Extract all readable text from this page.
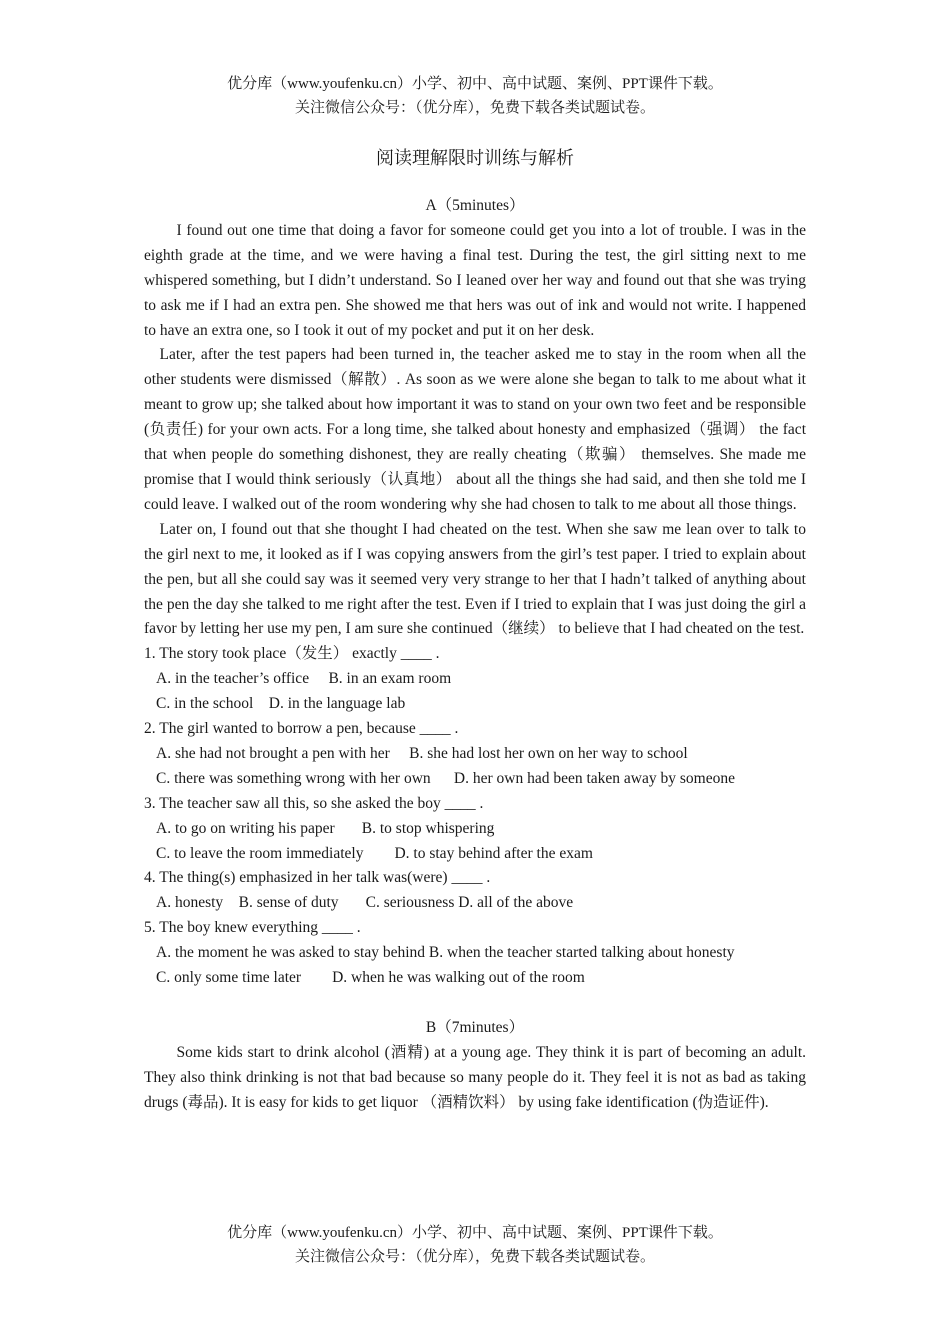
优分库（www.youfenku.cn）小学、初中、高中试题、案例、PPT课件下载。
关注微信公众号：（优分库），免费下载各类试题试卷。
阅读理解限时训练与解析

A（5minutes）

I found out one time that doing a favor for someone could get you into a lot of trouble. I was in the eighth grade at the time, and we were having a final test. During the test, the girl sitting next to me whispered something, but I didn’t understand. So I leaned over her way and found out that she was trying to ask me if I had an extra pen. She showed me that hers was out of ink and would not write. I happened to have an extra one, so I took it out of my pocket and put it on her desk.

Later, after the test papers had been turned in, the teacher asked me to stay in the room when all the other students were dismissed（解散）. As soon as we were alone she began to talk to me about what it meant to grow up; she talked about how important it was to stand on your own two feet and be responsible (负责任) for your own acts. For a long time, she talked about honesty and emphasized（强调） the fact that when people do something dishonest, they are really cheating（欺骗） themselves. She made me promise that I would think seriously（认真地） about all the things she had said, and then she told me I could leave. I walked out of the room wondering why she had chosen to talk to me about all those things.

Later on, I found out that she thought I had cheated on the test. When she saw me lean over to talk to the girl next to me, it looked as if I was copying answers from the girl’s test paper. I tried to explain about the pen, but all she could say was it seemed very very strange to her that I hadn’t talked of anything about the pen the day she talked to me right after the test. Even if I tried to explain that I was just doing the girl a favor by letting her use my pen, I am sure she continued（继续） to believe that I had cheated on the test.

1. The story took place（发生） exactly ____ .

A. in the teacher’s office     B. in an exam room

C. in the school    D. in the language lab

2. The girl wanted to borrow a pen, because ____ .

A. she had not brought a pen with her     B. she had lost her own on her way to school

C. there was something wrong with her own      D. her own had been taken away by someone

3. The teacher saw all this, so she asked the boy ____ .

A. to go on writing his paper       B. to stop whispering

C. to leave the room immediately        D. to stay behind after the exam

4. The thing(s) emphasized in her talk was(were) ____ .

A. honesty    B. sense of duty       C. seriousness D. all of the above

5. The boy knew everything ____ .

A. the moment he was asked to stay behind B. when the teacher started talking about honesty

C. only some time later        D. when he was walking out of the room

B（7minutes）

Some kids start to drink alcohol (酒精) at a young age. They think it is part of becoming an adult. They also think drinking is not that bad because so many people do it. They feel it is not as bad as taking drugs (毒品). It is easy for kids to get liquor （酒精饮料） by using fake identification (伪造证件).

优分库（www.youfenku.cn）小学、初中、高中试题、案例、PPT课件下载。
关注微信公众号：（优分库），免费下载各类试题试卷。
